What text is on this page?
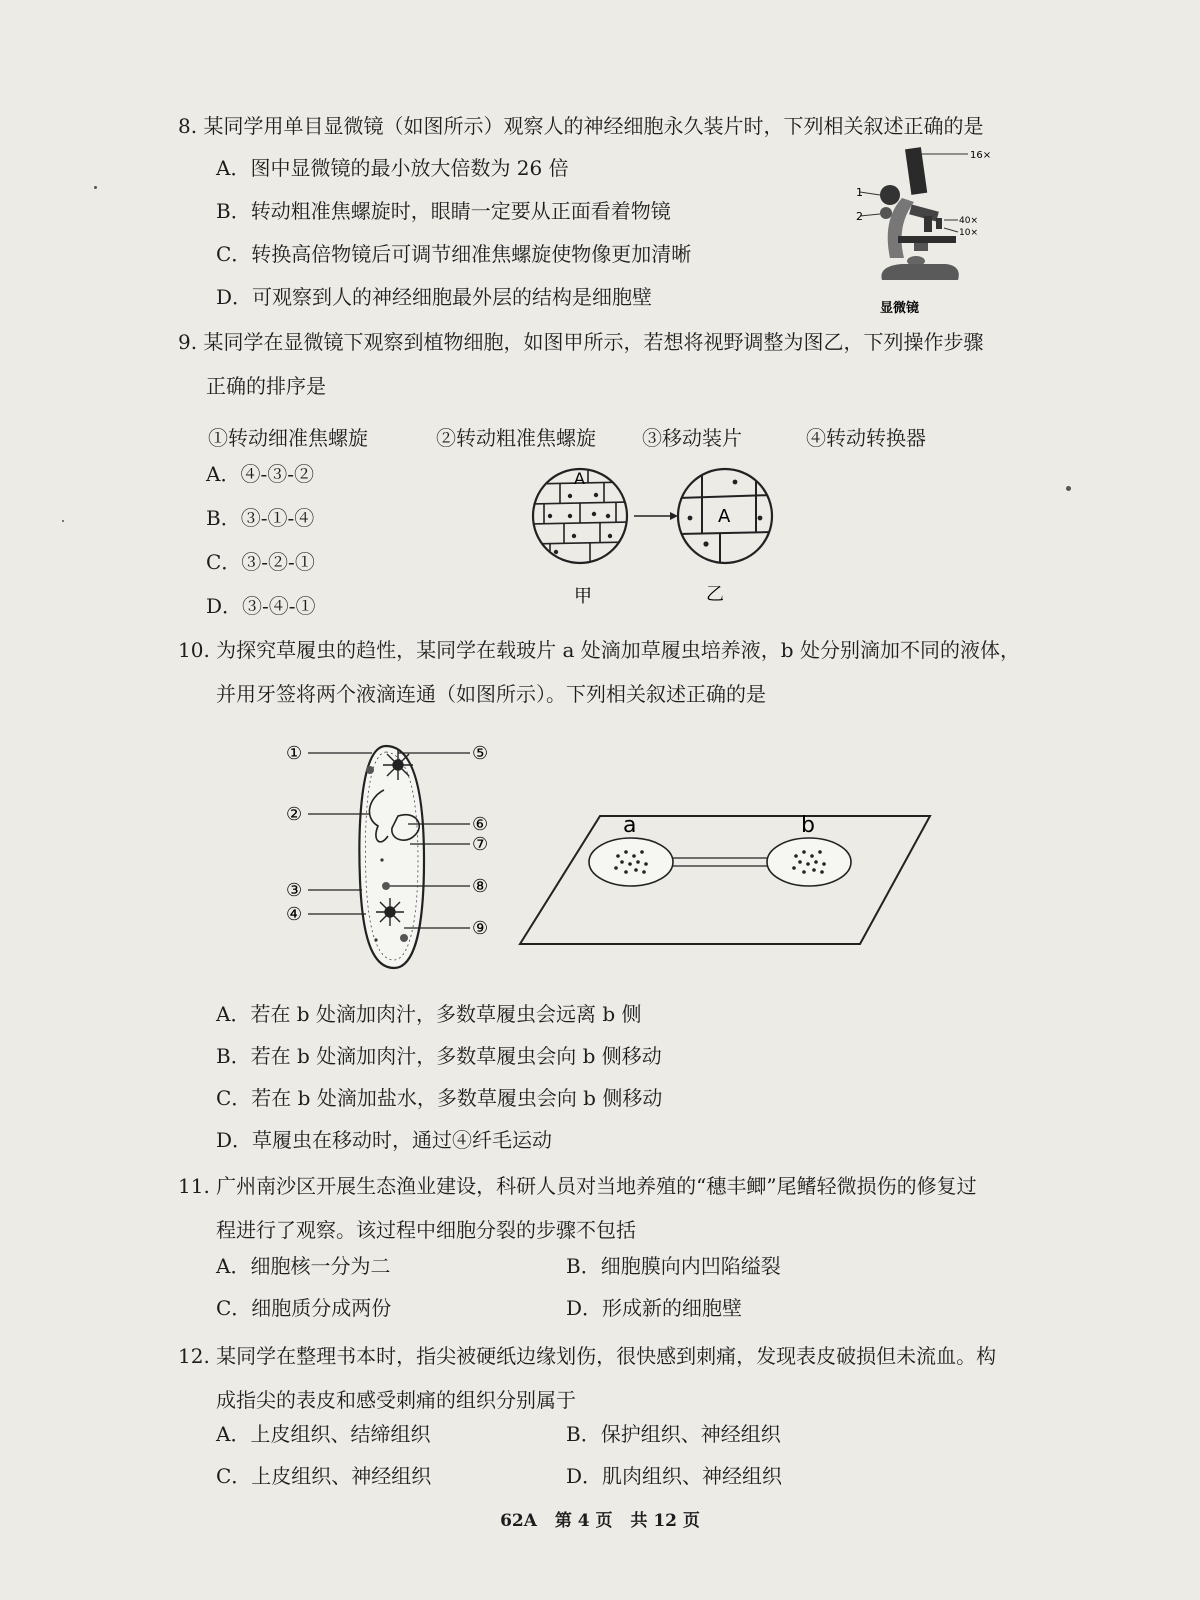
8. 某同学用单目显微镜（如图所示）观察人的神经细胞永久装片时，下列相关叙述正确的是
A．图中显微镜的最小放大倍数为 26 倍
B．转动粗准焦螺旋时，眼睛一定要从正面看着物镜
C．转换高倍物镜后可调节细准焦螺旋使物像更加清晰
D．可观察到人的神经细胞最外层的结构是细胞壁
16×
1
2	40×
10×
显微镜
9. 某同学在显微镜下观察到植物细胞，如图甲所示，若想将视野调整为图乙，下列操作步骤
正确的排序是
①转动细准焦螺旋	②转动粗准焦螺旋 ③移动装片	④转动转换器
A．④-③-②
B．③-①-④
C．③-②-①
D．③-④-①
A
A
甲	乙
10. 为探究草履虫的趋性，某同学在载玻片 a 处滴加草履虫培养液，b 处分别滴加不同的液体，
并用牙签将两个液滴连通（如图所示）。下列相关叙述正确的是
①
②
③
④
⑤
⑥
⑦
⑧
⑨
a	b
A．若在 b 处滴加肉汁，多数草履虫会远离 b 侧
B．若在 b 处滴加肉汁，多数草履虫会向 b 侧移动
C．若在 b 处滴加盐水，多数草履虫会向 b 侧移动
D．草履虫在移动时，通过④纤毛运动
11. 广州南沙区开展生态渔业建设，科研人员对当地养殖的“穗丰鲫”尾鳍轻微损伤的修复过
程进行了观察。该过程中细胞分裂的步骤不包括
A．细胞核一分为二	B．细胞膜向内凹陷缢裂
C．细胞质分成两份	D．形成新的细胞壁
12. 某同学在整理书本时，指尖被硬纸边缘划伤，很快感到刺痛，发现表皮破损但未流血。构
成指尖的表皮和感受刺痛的组织分别属于
A．上皮组织、结缔组织	B．保护组织、神经组织
C．上皮组织、神经组织	D．肌肉组织、神经组织
62A 第 4 页 共 12 页
